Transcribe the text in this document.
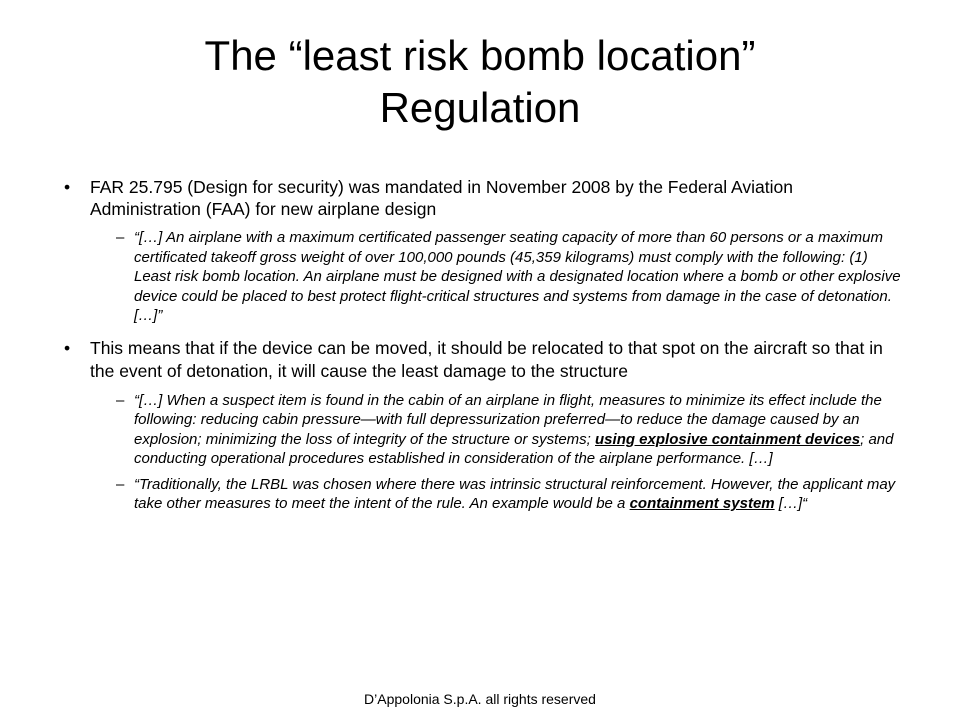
The “least risk bomb location”
Regulation
• FAR 25.795 (Design for security) was mandated in November 2008 by the Federal Aviation Administration (FAA) for new airplane design
– “[…] An airplane with a maximum certificated passenger seating capacity of more than 60 persons or a maximum certificated takeoff gross weight of over 100,000 pounds (45,359 kilograms) must comply with the following: (1) Least risk bomb location. An airplane must be designed with a designated location where a bomb or other explosive device could be placed to best protect flight-critical structures and systems from damage in the case of detonation. […]”
• This means that if the device can be moved, it should be relocated to that spot on the aircraft so that in the event of detonation, it will cause the least damage to the structure
– “[…] When a suspect item is found in the cabin of an airplane in flight, measures to minimize its effect include the following: reducing cabin pressure—with full depressurization preferred—to reduce the damage caused by an explosion; minimizing the loss of integrity of the structure or systems; using explosive containment devices; and conducting operational procedures established in consideration of the airplane performance. […]
– “Traditionally, the LRBL was chosen where there was intrinsic structural reinforcement. However, the applicant may take other measures to meet the intent of the rule. An example would be a containment system […]“
D’Appolonia S.p.A. all rights reserved
